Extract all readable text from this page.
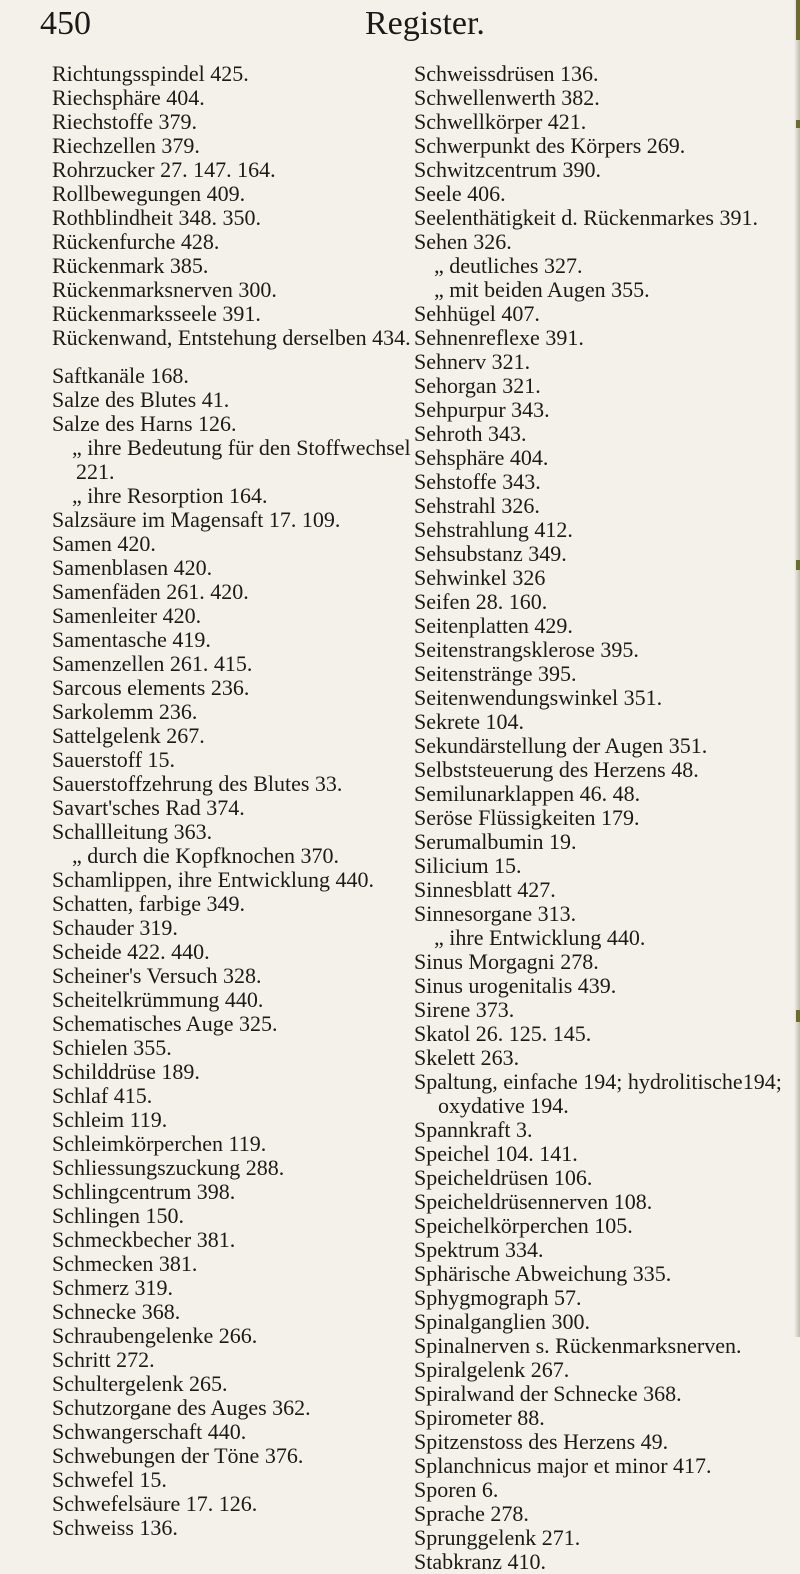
450	Register.
Richtungsspindel 425.
Riechsphäre 404.
Riechstoffe 379.
Riechzellen 379.
Rohrzucker 27. 147. 164.
Rollbewegungen 409.
Rothblindheit 348. 350.
Rückenfurche 428.
Rückenmark 385.
Rückenmarksnerven 300.
Rückenmarksseele 391.
Rückenwand, Entstehung derselben 434.
Saftkanäle 168.
Salze des Blutes 41.
Salze des Harns 126.
„ ihre Bedeutung für den Stoffwechsel
221.
„ ihre Resorption 164.
Salzsäure im Magensaft 17. 109.
Samen 420.
Samenblasen 420.
Samenfäden 261. 420.
Samenleiter 420.
Samentasche 419.
Samenzellen 261. 415.
Sarcous elements 236.
Sarkolemm 236.
Sattelgelenk 267.
Sauerstoff 15.
Sauerstoffzehrung des Blutes 33.
Savart'sches Rad 374.
Schallleitung 363.
„ durch die Kopfknochen 370.
Schamlippen, ihre Entwicklung 440.
Schatten, farbige 349.
Schauder 319.
Scheide 422. 440.
Scheiner's Versuch 328.
Scheitelkrümmung 440.
Schematisches Auge 325.
Schielen 355.
Schilddrüse 189.
Schlaf 415.
Schleim 119.
Schleimkörperchen 119.
Schliessungszuckung 288.
Schlingcentrum 398.
Schlingen 150.
Schmeckbecher 381.
Schmecken 381.
Schmerz 319.
Schnecke 368.
Schraubengelenke 266.
Schritt 272.
Schultergelenk 265.
Schutzorgane des Auges 362.
Schwangerschaft 440.
Schwebungen der Töne 376.
Schwefel 15.
Schwefelsäure 17. 126.
Schweiss 136.
Schweissdrüsen 136.
Schwellenwerth 382.
Schwellkörper 421.
Schwerpunkt des Körpers 269.
Schwitzcentrum 390.
Seele 406.
Seelenthätigkeit d. Rückenmarkes 391.
Sehen 326.
„ deutliches 327.
„ mit beiden Augen 355.
Sehhügel 407.
Sehnenreflexe 391.
Sehnerv 321.
Sehorgan 321.
Sehpurpur 343.
Sehroth 343.
Sehsphäre 404.
Sehstoffe 343.
Sehstrahl 326.
Sehstrahlung 412.
Sehsubstanz 349.
Sehwinkel 326
Seifen 28. 160.
Seitenplatten 429.
Seitenstrangsklerose 395.
Seitenstränge 395.
Seitenwendungswinkel 351.
Sekrete 104.
Sekundärstellung der Augen 351.
Selbststeuerung des Herzens 48.
Semilunarklappen 46. 48.
Seröse Flüssigkeiten 179.
Serumalbumin 19.
Silicium 15.
Sinnesblatt 427.
Sinnesorgane 313.
„ ihre Entwicklung 440.
Sinus Morgagni 278.
Sinus urogenitalis 439.
Sirene 373.
Skatol 26. 125. 145.
Skelett 263.
Spaltung, einfache 194; hydrolitische194;
oxydative 194.
Spannkraft 3.
Speichel 104. 141.
Speicheldrüsen 106.
Speicheldrüsennerven 108.
Speichelkörperchen 105.
Spektrum 334.
Sphärische Abweichung 335.
Sphygmograph 57.
Spinalganglien 300.
Spinalnerven s. Rückenmarksnerven.
Spiralgelenk 267.
Spiralwand der Schnecke 368.
Spirometer 88.
Spitzenstoss des Herzens 49.
Splanchnicus major et minor 417.
Sporen 6.
Sprache 278.
Sprunggelenk 271.
Stabkranz 410.
